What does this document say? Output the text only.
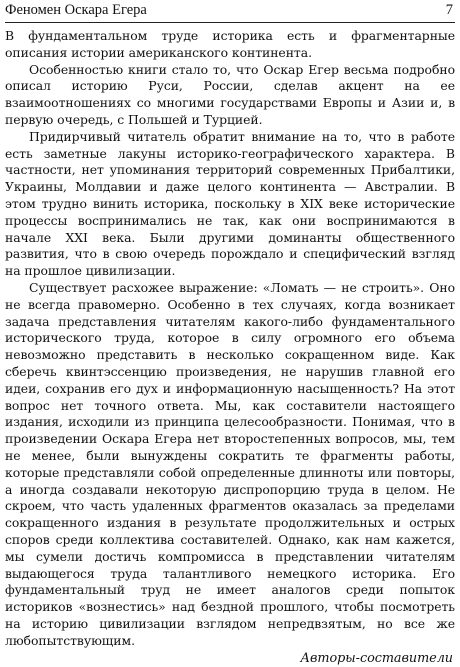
Феномен Оскара Егера	7

В фундаментальном труде историка есть и фрагментарные описания истории американского континента.

Особенностью книги стало то, что Оскар Егер весьма подробно описал историю Руси, России, сделав акцент на ее взаимоотношениях со многими государствами Европы и Азии и, в первую очередь, с Польшей и Турцией.

Придирчивый читатель обратит внимание на то, что в работе есть заметные лакуны историко-географического характера. В частности, нет упоминания территорий современных Прибалтики, Украины, Молдавии и даже целого континента — Австралии. В этом трудно винить историка, поскольку в XIX веке исторические процессы воспринимались не так, как они воспринимаются в начале XXI века. Были другими доминанты общественного развития, что в свою очередь порождало и специфический взгляд на прошлое цивилизации.

Существует расхожее выражение: «Ломать — не строить». Оно не всегда правомерно. Особенно в тех случаях, когда возникает задача представления читателям какого-либо фундаментального исторического труда, которое в силу огромного его объема невозможно представить в несколько сокращенном виде. Как сберечь квинтэссенцию произведения, не нарушив главной его идеи, сохранив его дух и информационную насыщенность? На этот вопрос нет точного ответа. Мы, как составители настоящего издания, исходили из принципа целесообразности. Понимая, что в произведении Оскара Егера нет второстепенных вопросов, мы, тем не менее, были вынуждены сократить те фрагменты работы, которые представляли собой определенные длинноты или повторы, а иногда создавали некоторую диспропорцию труда в целом. Не скроем, что часть удаленных фрагментов оказалась за пределами сокращенного издания в результате продолжительных и острых споров среди коллектива составителей. Однако, как нам кажется, мы сумели достичь компромисса в представлении читателям выдающегося труда талантливого немецкого историка. Его фундаментальный труд не имеет аналогов среди попыток историков «вознестись» над бездной прошлого, чтобы посмотреть на историю цивилизации взглядом непредвзятым, но все же любопытствующим.

Авторы-составители
